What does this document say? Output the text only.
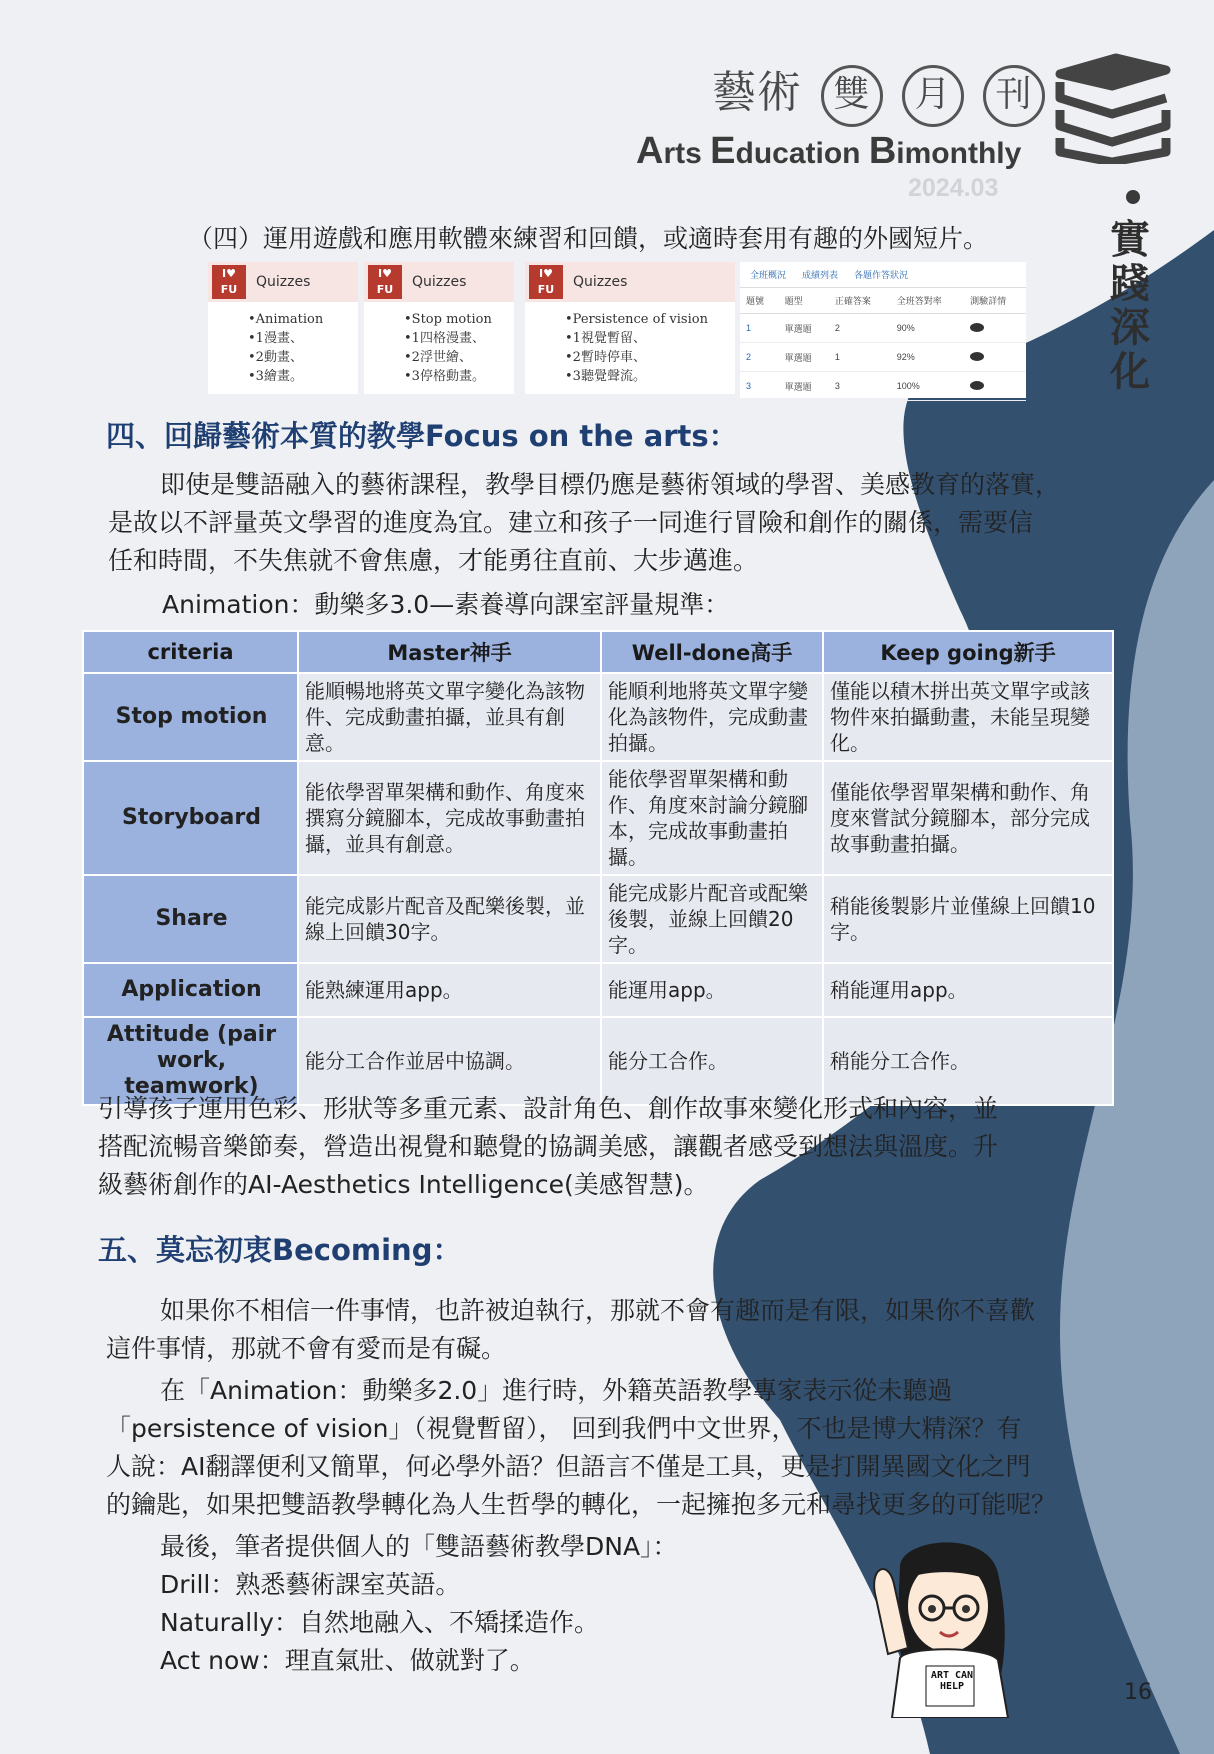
藝術 雙 月 刊
Arts Education Bimonthly
2024.03
實踐深化
（四）運用遊戲和應用軟體來練習和回饋，或適時套用有趣的外國短片。
I♥ FU	Quizzes
•Animation
•1漫畫、
•2動畫、
•3繪畫。
I♥ FU	Quizzes
•Stop motion
•1四格漫畫、
•2浮世繪、
•3停格動畫。
I♥ FU	Quizzes
•Persistence of vision
•1視覺暫留、
•2暫時停車、
•3聽覺聲流。
全班概況 成績列表 各題作答狀況
題號	題型	正確答案	全班答對率	測驗詳情
1	單選題	2	90%	
2	單選題	1	92%	
3	單選題	3	100%	
四、回歸藝術本質的教學Focus on the arts：
即使是雙語融入的藝術課程，教學目標仍應是藝術領域的學習、美感教育的落實，
是故以不評量英文學習的進度為宜。建立和孩子一同進行冒險和創作的關係，需要信
任和時間，不失焦就不會焦慮，才能勇往直前、大步邁進。
Animation：動樂多3.0—素養導向課室評量規準：
criteria	Master神手	Well-done高手	Keep going新手
Stop motion	能順暢地將英文單字變化為該物件、完成動畫拍攝，並具有創意。	能順利地將英文單字變化為該物件，完成動畫拍攝。	僅能以積木拼出英文單字或該物件來拍攝動畫，未能呈現變化。
Storyboard	能依學習單架構和動作、角度來撰寫分鏡腳本，完成故事動畫拍攝，並具有創意。	能依學習單架構和動作、角度來討論分鏡腳本，完成故事動畫拍攝。	僅能依學習單架構和動作、角度來嘗試分鏡腳本，部分完成故事動畫拍攝。
Share	能完成影片配音及配樂後製，並線上回饋30字。	能完成影片配音或配樂後製，並線上回饋20字。	稍能後製影片並僅線上回饋10字。
Application	能熟練運用app。	能運用app。	稍能運用app。
Attitude (pair work, teamwork)	能分工合作並居中協調。	能分工合作。	稍能分工合作。
引導孩子運用色彩、形狀等多重元素、設計角色、創作故事來變化形式和內容，並
搭配流暢音樂節奏，營造出視覺和聽覺的協調美感，讓觀者感受到想法與溫度。升
級藝術創作的AI-Aesthetics Intelligence(美感智慧)。
五、莫忘初衷Becoming：
如果你不相信一件事情，也許被迫執行，那就不會有趣而是有限，如果你不喜歡
這件事情，那就不會有愛而是有礙。
在「Animation：動樂多2.0」進行時，外籍英語教學專家表示從未聽過
「persistence of vision」（視覺暫留）， 回到我們中文世界，不也是博大精深？有
人說：AI翻譯便利又簡單，何必學外語？但語言不僅是工具，更是打開異國文化之門
的鑰匙，如果把雙語教學轉化為人生哲學的轉化，一起擁抱多元和尋找更多的可能呢？
最後，筆者提供個人的「雙語藝術教學DNA」：
Drill：熟悉藝術課室英語。
Naturally：自然地融入、不矯揉造作。
Act now：理直氣壯、做就對了。
ART CAN HELP	16
